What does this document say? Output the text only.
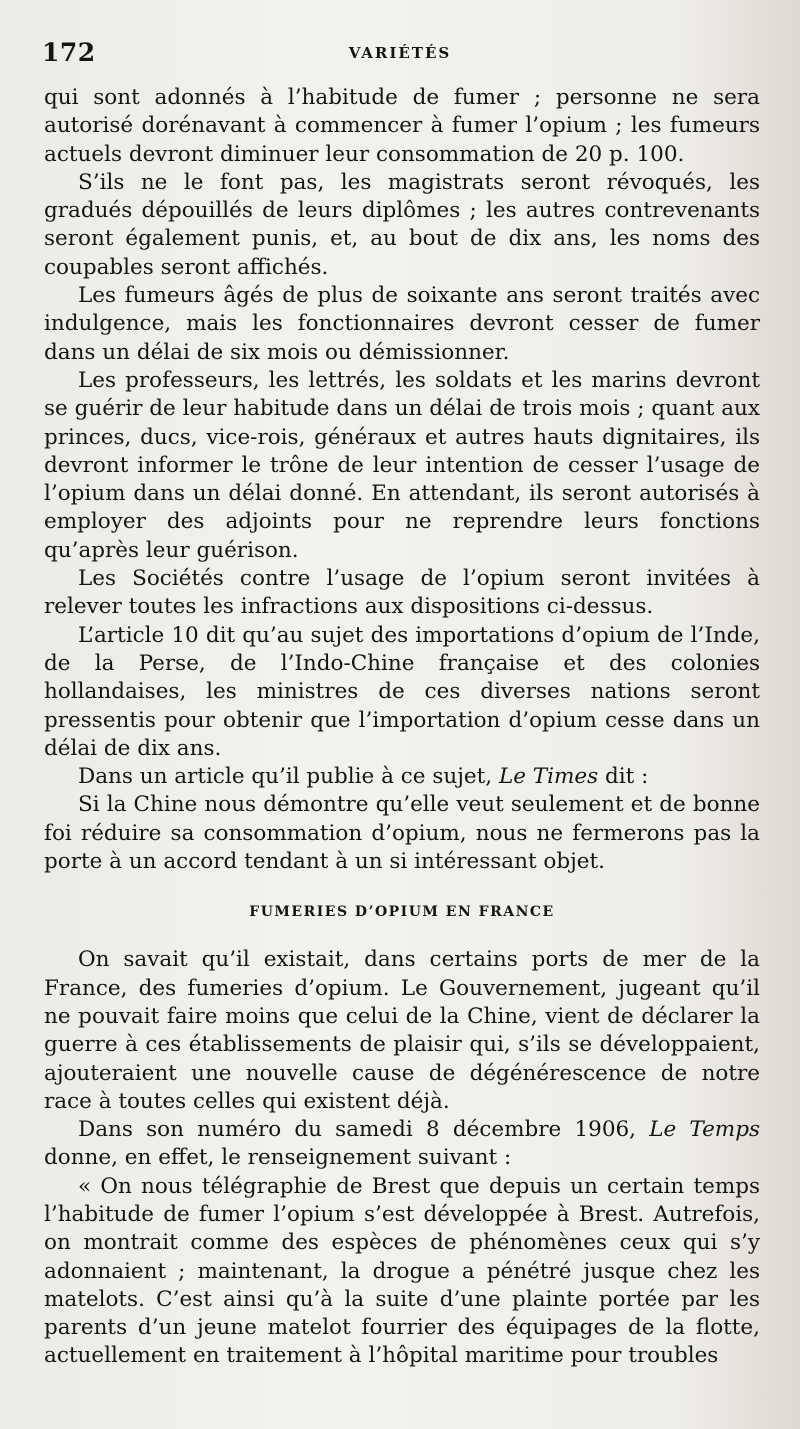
172	VARIÉTÉS

qui sont adonnés à l’habitude de fumer ; personne ne sera autorisé dorénavant à commencer à fumer l’opium ; les fumeurs actuels devront diminuer leur consommation de 20 p. 100.

S’ils ne le font pas, les magistrats seront révoqués, les gradués dépouillés de leurs diplômes ; les autres contrevenants seront également punis, et, au bout de dix ans, les noms des coupables seront affichés.

Les fumeurs âgés de plus de soixante ans seront traités avec indulgence, mais les fonctionnaires devront cesser de fumer dans un délai de six mois ou démissionner.

Les professeurs, les lettrés, les soldats et les marins devront se guérir de leur habitude dans un délai de trois mois ; quant aux princes, ducs, vice-rois, généraux et autres hauts dignitaires, ils devront informer le trône de leur intention de cesser l’usage de l’opium dans un délai donné. En attendant, ils seront autorisés à employer des adjoints pour ne reprendre leurs fonctions qu’après leur guérison.

Les Sociétés contre l’usage de l’opium seront invitées à relever toutes les infractions aux dispositions ci-dessus.

L’article 10 dit qu’au sujet des importations d’opium de l’Inde, de la Perse, de l’Indo-Chine française et des colonies hollandaises, les ministres de ces diverses nations seront pressentis pour obtenir que l’importation d’opium cesse dans un délai de dix ans.

Dans un article qu’il publie à ce sujet, Le Times dit :

Si la Chine nous démontre qu’elle veut seulement et de bonne foi réduire sa consommation d’opium, nous ne fermerons pas la porte à un accord tendant à un si intéressant objet.

FUMERIES D’OPIUM EN FRANCE

On savait qu’il existait, dans certains ports de mer de la France, des fumeries d’opium. Le Gouvernement, jugeant qu’il ne pouvait faire moins que celui de la Chine, vient de déclarer la guerre à ces établissements de plaisir qui, s’ils se développaient, ajouteraient une nouvelle cause de dégénérescence de notre race à toutes celles qui existent déjà.

Dans son numéro du samedi 8 décembre 1906, Le Temps donne, en effet, le renseignement suivant :

« On nous télégraphie de Brest que depuis un certain temps l’habitude de fumer l’opium s’est développée à Brest. Autrefois, on montrait comme des espèces de phénomènes ceux qui s’y adonnaient ; maintenant, la drogue a pénétré jusque chez les matelots. C’est ainsi qu’à la suite d’une plainte portée par les parents d’un jeune matelot fourrier des équipages de la flotte, actuellement en traitement à l’hôpital maritime pour troubles
